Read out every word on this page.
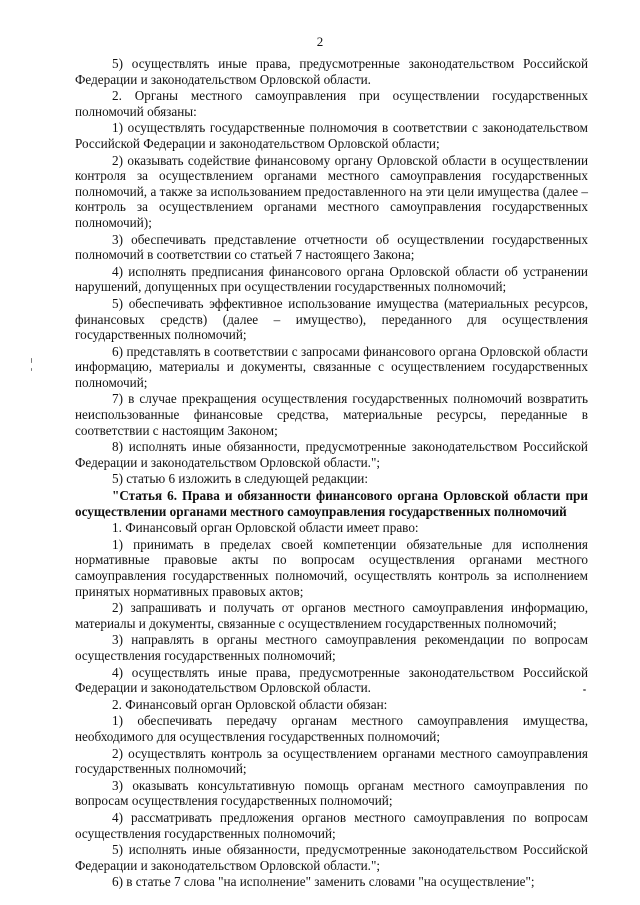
2

5) осуществлять иные права, предусмотренные законодательством Российской Федерации и законодательством Орловской области.

2. Органы местного самоуправления при осуществлении государственных полномочий обязаны:

1) осуществлять государственные полномочия в соответствии с законодательством Российской Федерации и законодательством Орловской области;

2) оказывать содействие финансовому органу Орловской области в осуществлении контроля за осуществлением органами местного самоуправления государственных полномочий, а также за использованием предоставленного на эти цели имущества (далее – контроль за осуществлением органами местного самоуправления государственных полномочий);

3) обеспечивать представление отчетности об осуществлении государственных полномочий в соответствии со статьей 7 настоящего Закона;

4) исполнять предписания финансового органа Орловской области об устранении нарушений, допущенных при осуществлении государственных полномочий;

5) обеспечивать эффективное использование имущества (материальных ресурсов, финансовых средств) (далее – имущество), переданного для осуществления государственных полномочий;

6) представлять в соответствии с запросами финансового органа Орловской области информацию, материалы и документы, связанные с осуществлением государственных полномочий;

7) в случае прекращения осуществления государственных полномочий возвратить неиспользованные финансовые средства, материальные ресурсы, переданные в соответствии с настоящим Законом;

8) исполнять иные обязанности, предусмотренные законодательством Российской Федерации и законодательством Орловской области.";

5) статью 6 изложить в следующей редакции:

"Статья 6. Права и обязанности финансового органа Орловской области при осуществлении органами местного самоуправления государственных полномочий

1. Финансовый орган Орловской области имеет право:

1) принимать в пределах своей компетенции обязательные для исполнения нормативные правовые акты по вопросам осуществления органами местного самоуправления государственных полномочий, осуществлять контроль за исполнением принятых нормативных правовых актов;

2) запрашивать и получать от органов местного самоуправления информацию, материалы и документы, связанные с осуществлением государственных полномочий;

3) направлять в органы местного самоуправления рекомендации по вопросам осуществления государственных полномочий;

4) осуществлять иные права, предусмотренные законодательством Российской Федерации и законодательством Орловской области.

2. Финансовый орган Орловской области обязан:

1) обеспечивать передачу органам местного самоуправления имущества, необходимого для осуществления государственных полномочий;

2) осуществлять контроль за осуществлением органами местного самоуправления государственных полномочий;

3) оказывать консультативную помощь органам местного самоуправления по вопросам осуществления государственных полномочий;

4) рассматривать предложения органов местного самоуправления по вопросам осуществления государственных полномочий;

5) исполнять иные обязанности, предусмотренные законодательством Российской Федерации и законодательством Орловской области.";

6) в статье 7 слова "на исполнение" заменить словами "на осуществление";
